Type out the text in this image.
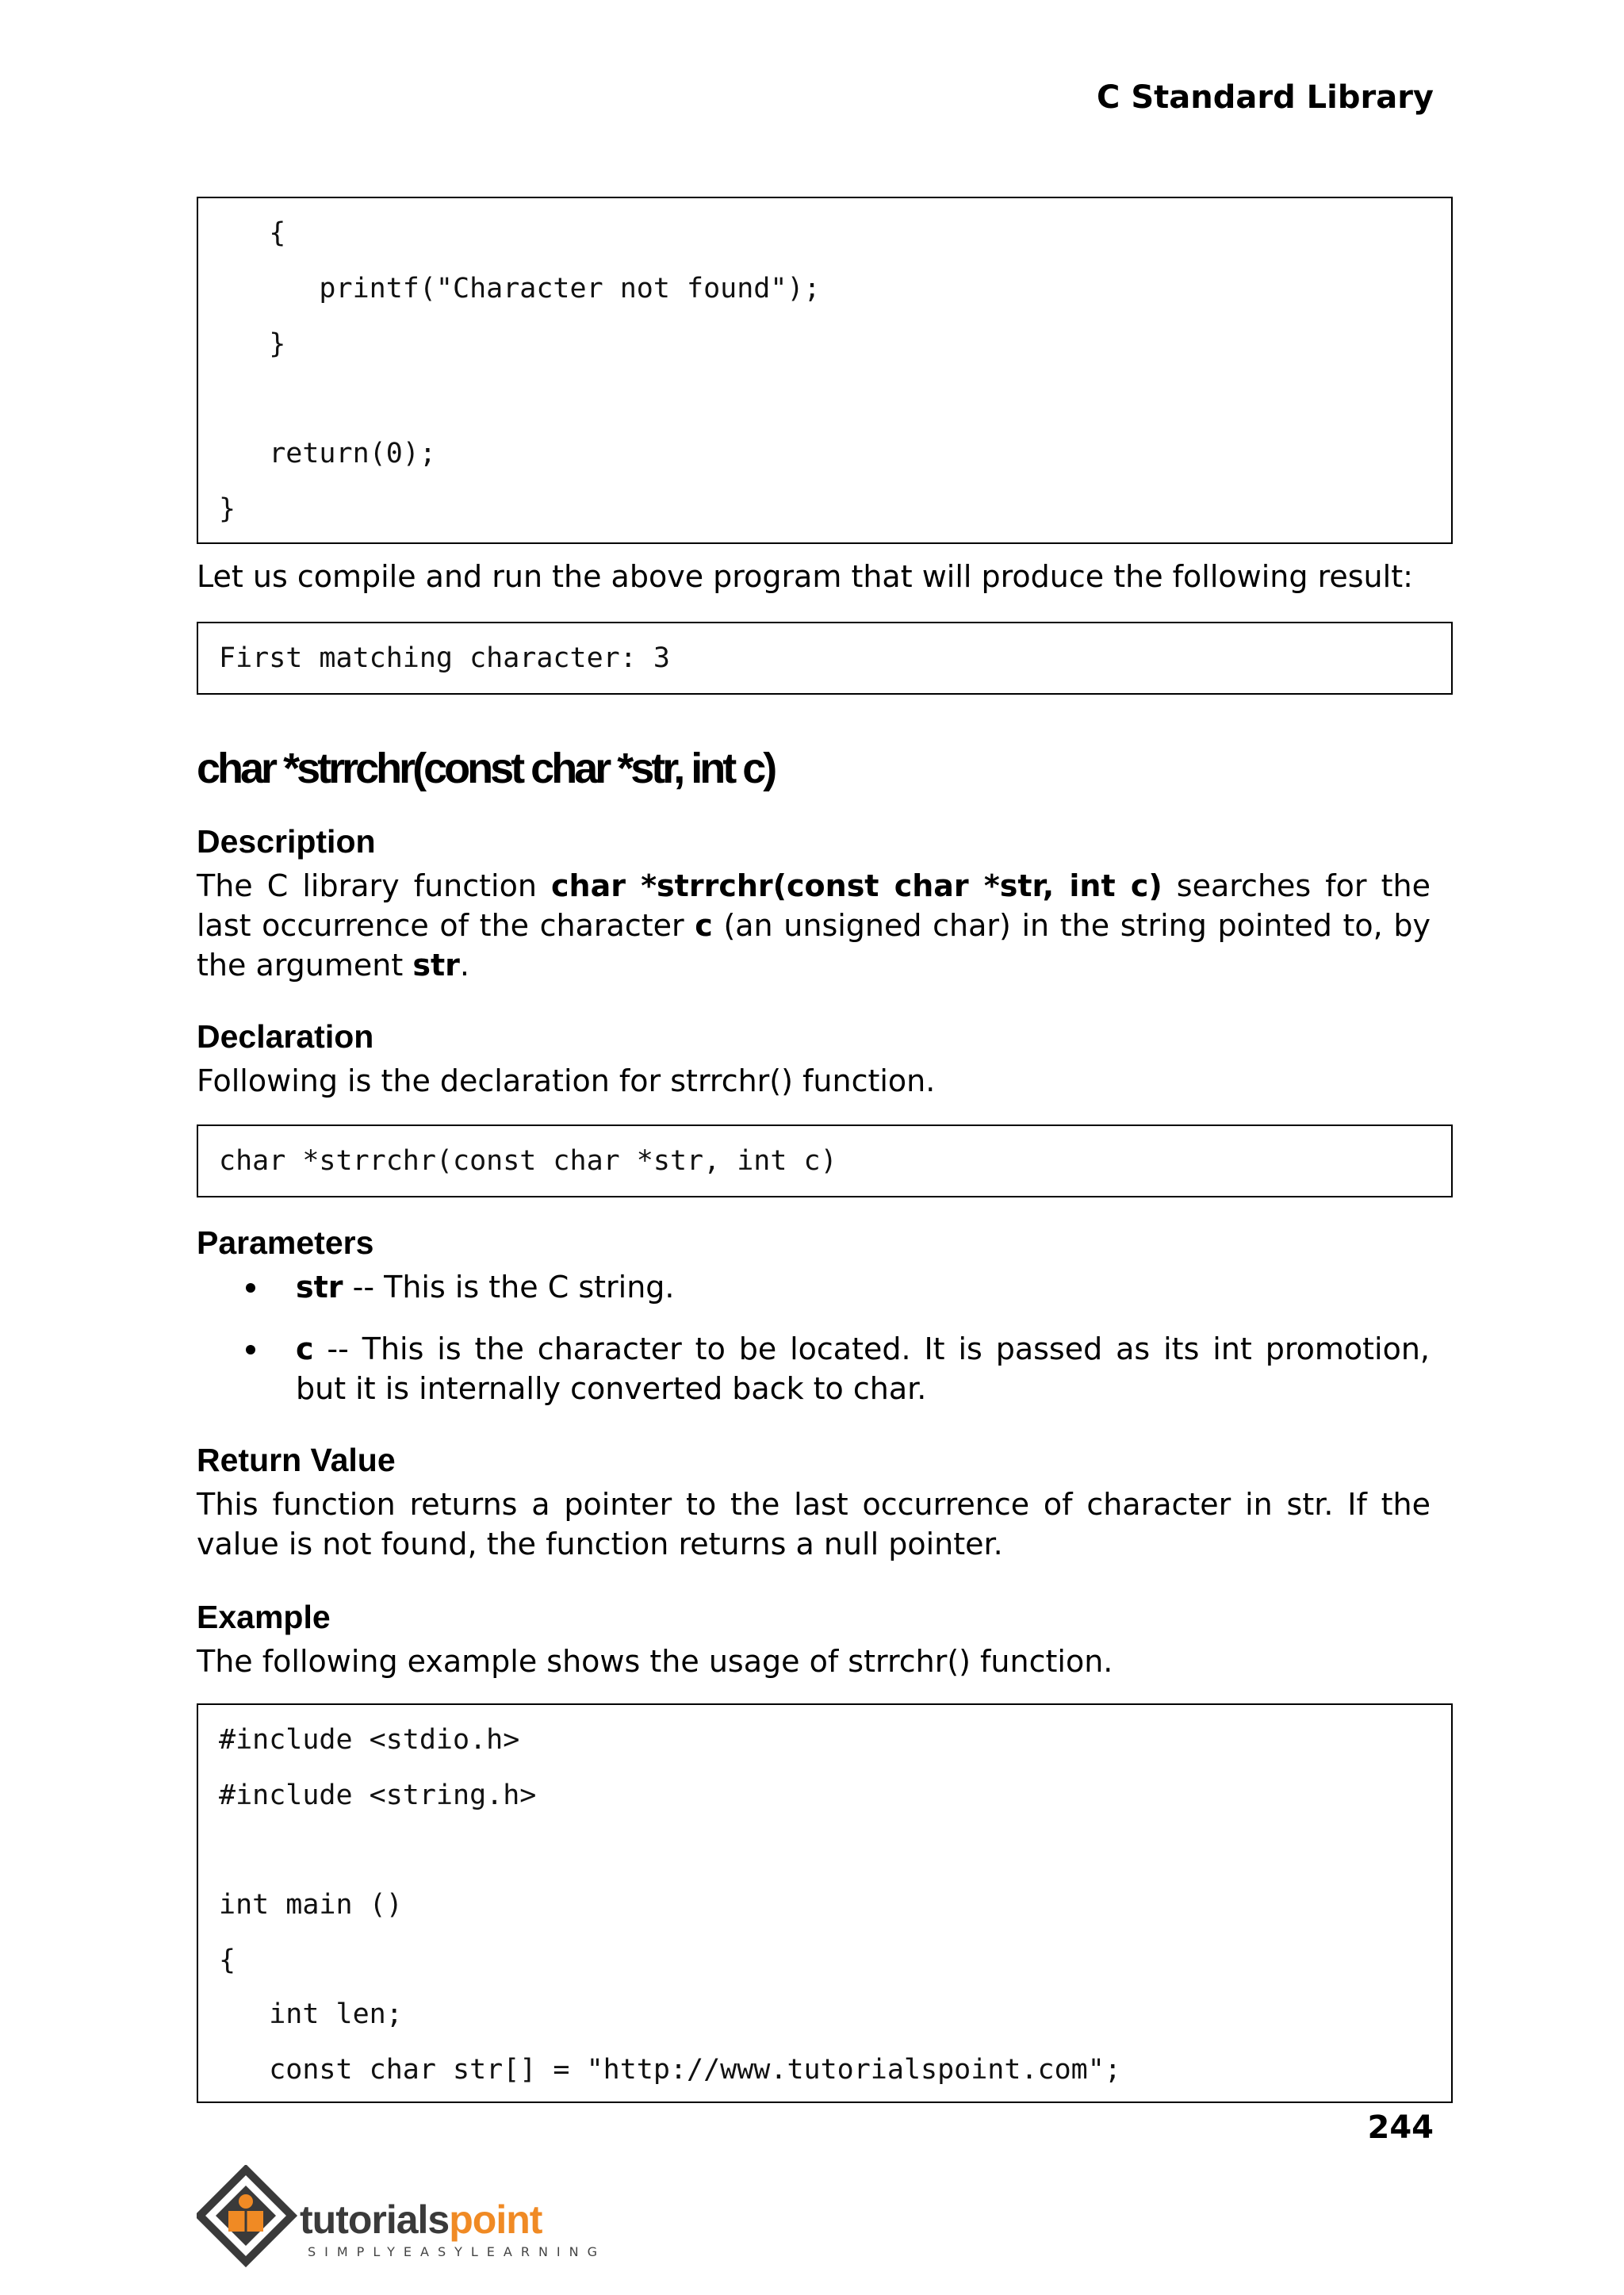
C Standard Library
{
printf("Character not found");
}
return(0);
}
Let us compile and run the above program that will produce the following result:
First matching character: 3
char *strrchr(const char *str, int c)
Description
The C library function char *strrchr(const char *str, int c) searches for the last occurrence of the character c (an unsigned char) in the string pointed to, by the argument str.
Declaration
Following is the declaration for strrchr() function.
char *strrchr(const char *str, int c)
Parameters
str -- This is the C string.
c -- This is the character to be located. It is passed as its int promotion, but it is internally converted back to char.
Return Value
This function returns a pointer to the last occurrence of character in str. If the value is not found, the function returns a null pointer.
Example
The following example shows the usage of strrchr() function.
#include <stdio.h>
#include <string.h>
int main ()
{
int len;
const char str[] = "http://www.tutorialspoint.com";
244
tutorialspoint
SIMPLYEASYLEARNING
